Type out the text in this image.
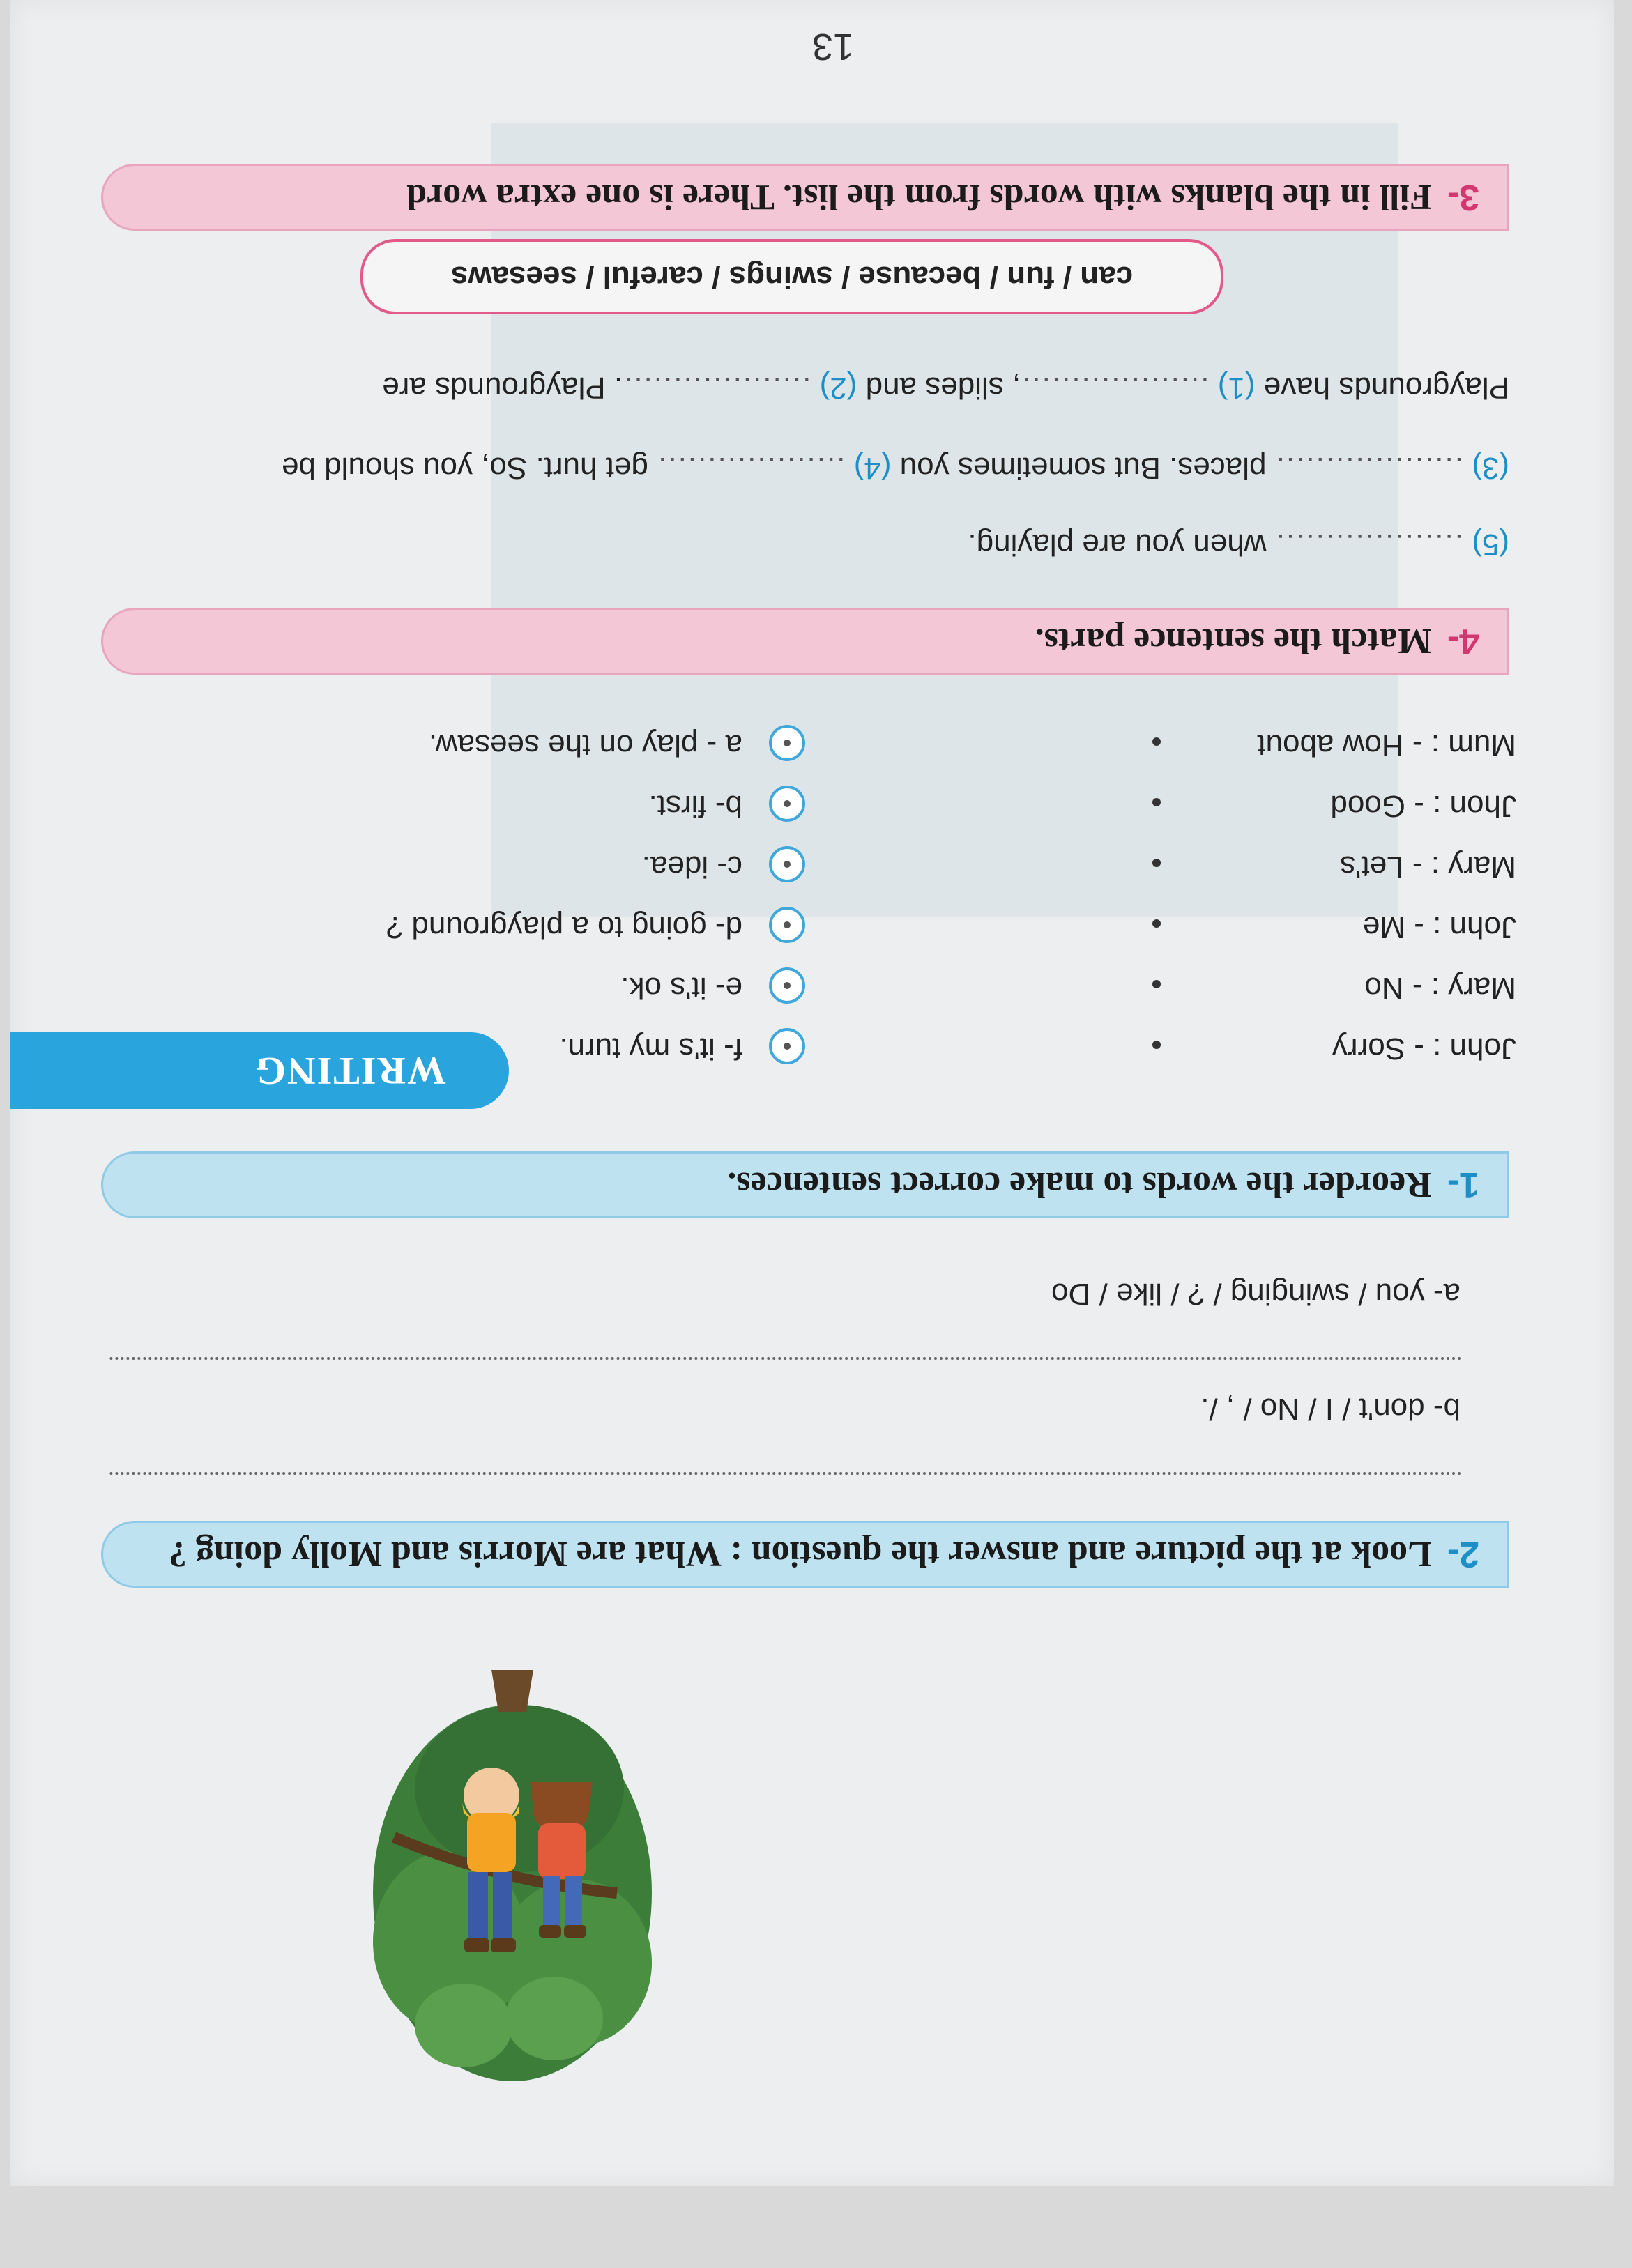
3-
Fill in the blanks with words from the list. There is one extra word
can / fun / because / swings / careful / seesaws
Playgrounds have (1) ..................., slides and (2) .................... Playgrounds are
(3) ................... places. But sometimes you (4) ................... get hurt. So, you should be
(5) ................... when you are playing.
4-
Match the sentence parts.
Mum : - How about
Jhon : - Good
Mary : - Let's
John : - Me
Mary : - No
John : - Sorry
a - play on the seesaw.
b- first.
c- idea.
d- going to a playground ?
e- it's ok.
f- it's my turn.
WRITING
1-
Reorder the words to make correct sentences.
a- you / swinging / ? / like / Do
b- don't / I / No / , /.
2-
Look at the picture and answer the question : What are Morris and Molly doing ?
13
